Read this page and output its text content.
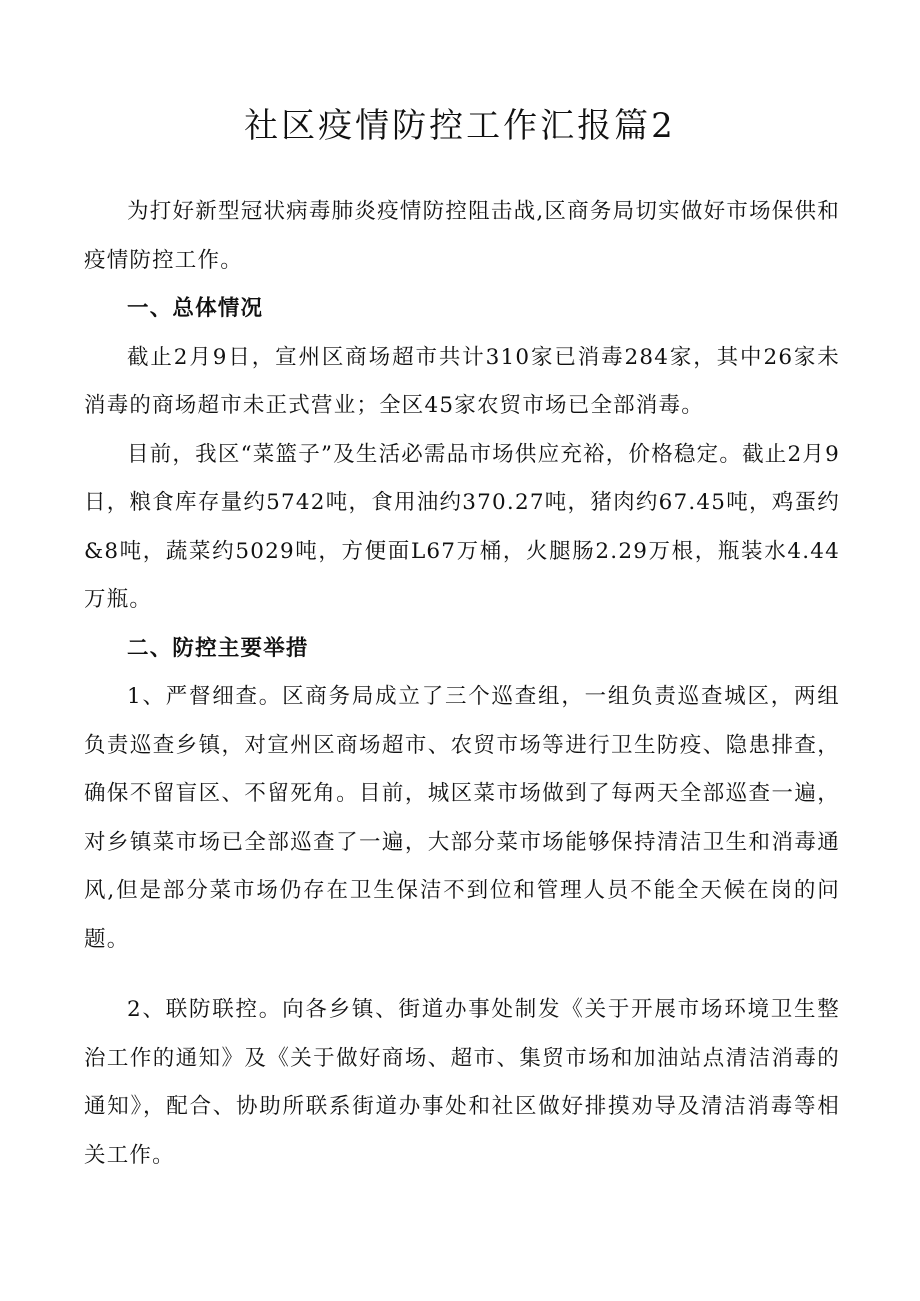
社区疫情防控工作汇报篇2

为打好新型冠状病毒肺炎疫情防控阻击战,区商务局切实做好市场保供和疫情防控工作。

一、总体情况

截止2月9日，宣州区商场超市共计310家已消毒284家，其中26家未消毒的商场超市未正式营业；全区45家农贸市场已全部消毒。

目前，我区“菜篮子”及生活必需品市场供应充裕，价格稳定。截止2月9日，粮食库存量约5742吨，食用油约370.27吨，猪肉约67.45吨，鸡蛋约&8吨，蔬菜约5029吨，方便面L67万桶，火腿肠2.29万根，瓶装水4.44万瓶。

二、防控主要举措

1、严督细查。区商务局成立了三个巡查组，一组负责巡查城区，两组负责巡查乡镇，对宣州区商场超市、农贸市场等进行卫生防疫、隐患排查，确保不留盲区、不留死角。目前，城区菜市场做到了每两天全部巡查一遍，对乡镇菜市场已全部巡查了一遍，大部分菜市场能够保持清洁卫生和消毒通风,但是部分菜市场仍存在卫生保洁不到位和管理人员不能全天候在岗的问题。

2、联防联控。向各乡镇、街道办事处制发《关于开展市场环境卫生整治工作的通知》及《关于做好商场、超市、集贸市场和加油站点清洁消毒的通知》，配合、协助所联系街道办事处和社区做好排摸劝导及清洁消毒等相关工作。
